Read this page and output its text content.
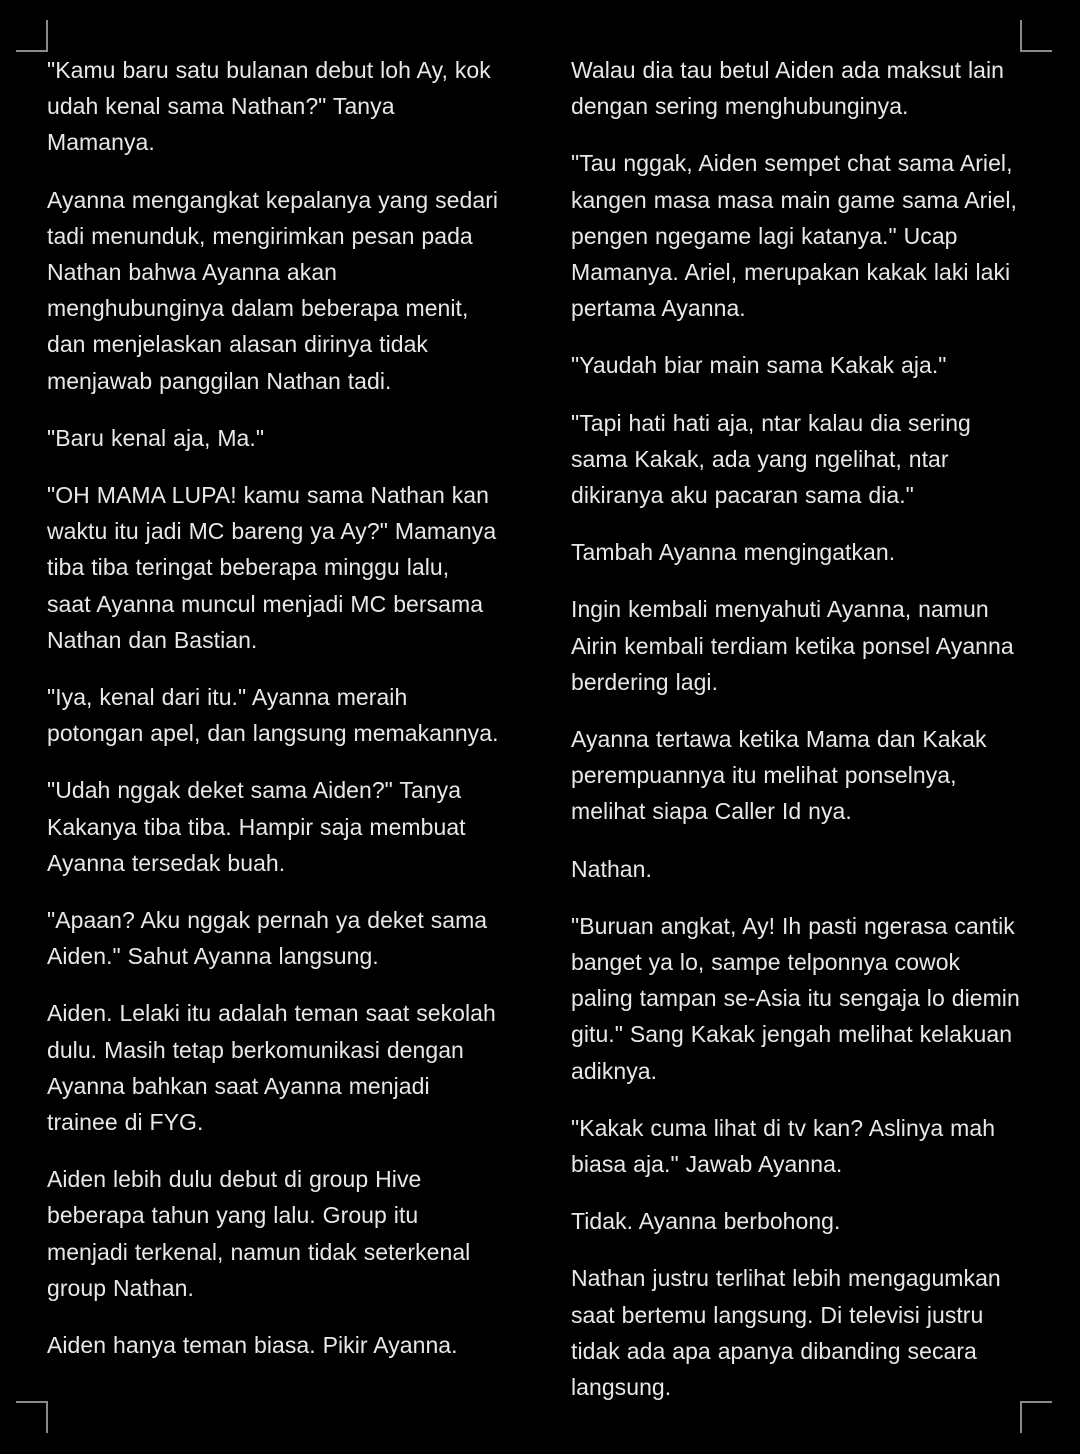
"Kamu baru satu bulanan debut loh Ay, kok udah kenal sama Nathan?" Tanya Mamanya.

Ayanna mengangkat kepalanya yang sedari tadi menunduk, mengirimkan pesan pada Nathan bahwa Ayanna akan menghubunginya dalam beberapa menit, dan menjelaskan alasan dirinya tidak menjawab panggilan Nathan tadi.

"Baru kenal aja, Ma."

"OH MAMA LUPA! kamu sama Nathan kan waktu itu jadi MC bareng ya Ay?" Mamanya tiba tiba teringat beberapa minggu lalu, saat Ayanna muncul menjadi MC bersama Nathan dan Bastian.

"Iya, kenal dari itu." Ayanna meraih potongan apel, dan langsung memakannya.

"Udah nggak deket sama Aiden?" Tanya Kakanya tiba tiba. Hampir saja membuat Ayanna tersedak buah.

"Apaan? Aku nggak pernah ya deket sama Aiden." Sahut Ayanna langsung.

Aiden. Lelaki itu adalah teman saat sekolah dulu. Masih tetap berkomunikasi dengan Ayanna bahkan saat Ayanna menjadi trainee di FYG.

Aiden lebih dulu debut di group Hive beberapa tahun yang lalu. Group itu menjadi terkenal, namun tidak seterkenal group Nathan.

Aiden hanya teman biasa. Pikir Ayanna.

Walau dia tau betul Aiden ada maksut lain dengan sering menghubunginya.

"Tau nggak, Aiden sempet chat sama Ariel, kangen masa masa main game sama Ariel, pengen ngegame lagi katanya." Ucap Mamanya. Ariel, merupakan kakak laki laki pertama Ayanna.

"Yaudah biar main sama Kakak aja."

"Tapi hati hati aja, ntar kalau dia sering sama Kakak, ada yang ngelihat, ntar dikiranya aku pacaran sama dia."

Tambah Ayanna mengingatkan.

Ingin kembali menyahuti Ayanna, namun Airin kembali terdiam ketika ponsel Ayanna berdering lagi.

Ayanna tertawa ketika Mama dan Kakak perempuannya itu melihat ponselnya, melihat siapa Caller Id nya.

Nathan.

"Buruan angkat, Ay! Ih pasti ngerasa cantik banget ya lo, sampe telponnya cowok paling tampan se-Asia itu sengaja lo diemin gitu." Sang Kakak jengah melihat kelakuan adiknya.

"Kakak cuma lihat di tv kan? Aslinya mah biasa aja." Jawab Ayanna.

Tidak. Ayanna berbohong.

Nathan justru terlihat lebih mengagumkan saat bertemu langsung. Di televisi justru tidak ada apa apanya dibanding secara langsung.
